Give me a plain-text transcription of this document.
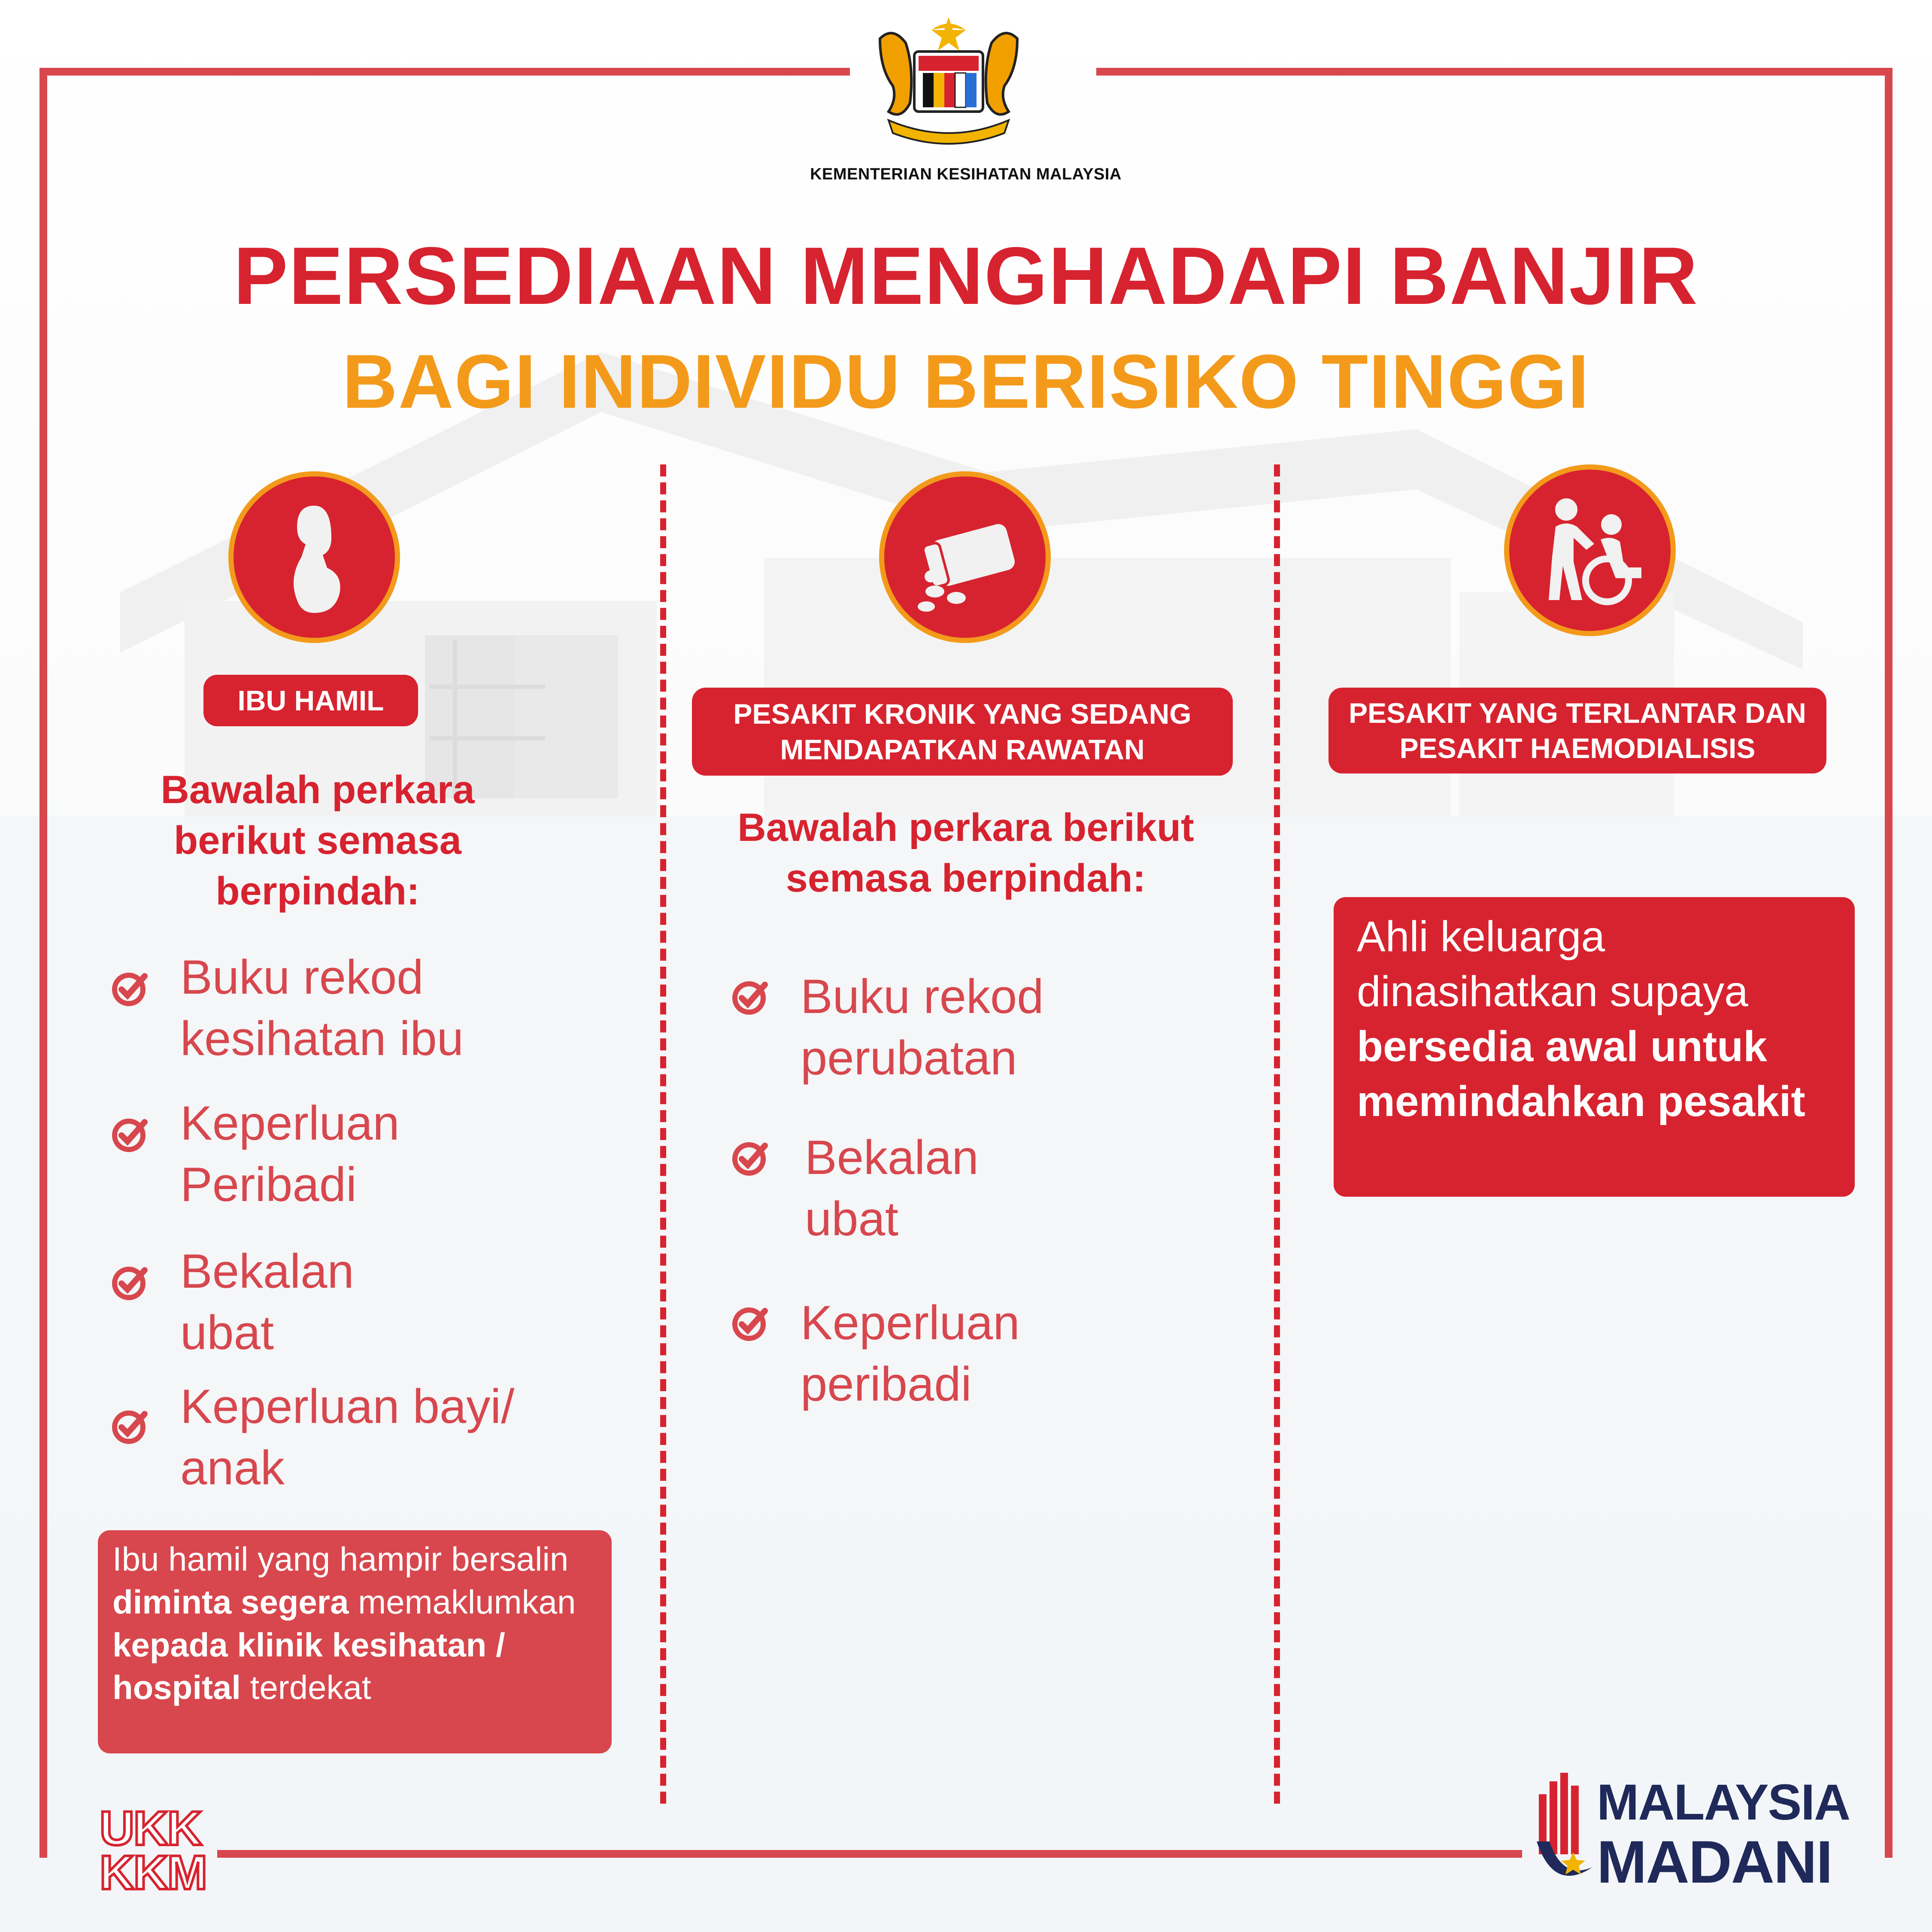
KEMENTERIAN KESIHATAN MALAYSIA
PERSEDIAAN MENGHADAPI BANJIR
BAGI INDIVIDU BERISIKO TINGGI
IBU HAMIL
Bawalah perkara berikut semasa berpindah:
Buku rekod kesihatan ibu
Keperluan Peribadi
Bekalan ubat
Keperluan bayi/ anak
Ibu hamil yang hampir bersalin diminta segera memaklumkan kepada klinik kesihatan / hospital terdekat
PESAKIT KRONIK YANG SEDANG MENDAPATKAN RAWATAN
Bawalah perkara berikut semasa berpindah:
Buku rekod perubatan
Bekalan ubat
Keperluan peribadi
PESAKIT YANG TERLANTAR DAN PESAKIT HAEMODIALISIS
Ahli keluarga dinasihatkan supaya bersedia awal untuk memindahkan pesakit
UKK
KKM
MALAYSIA
MADANI
